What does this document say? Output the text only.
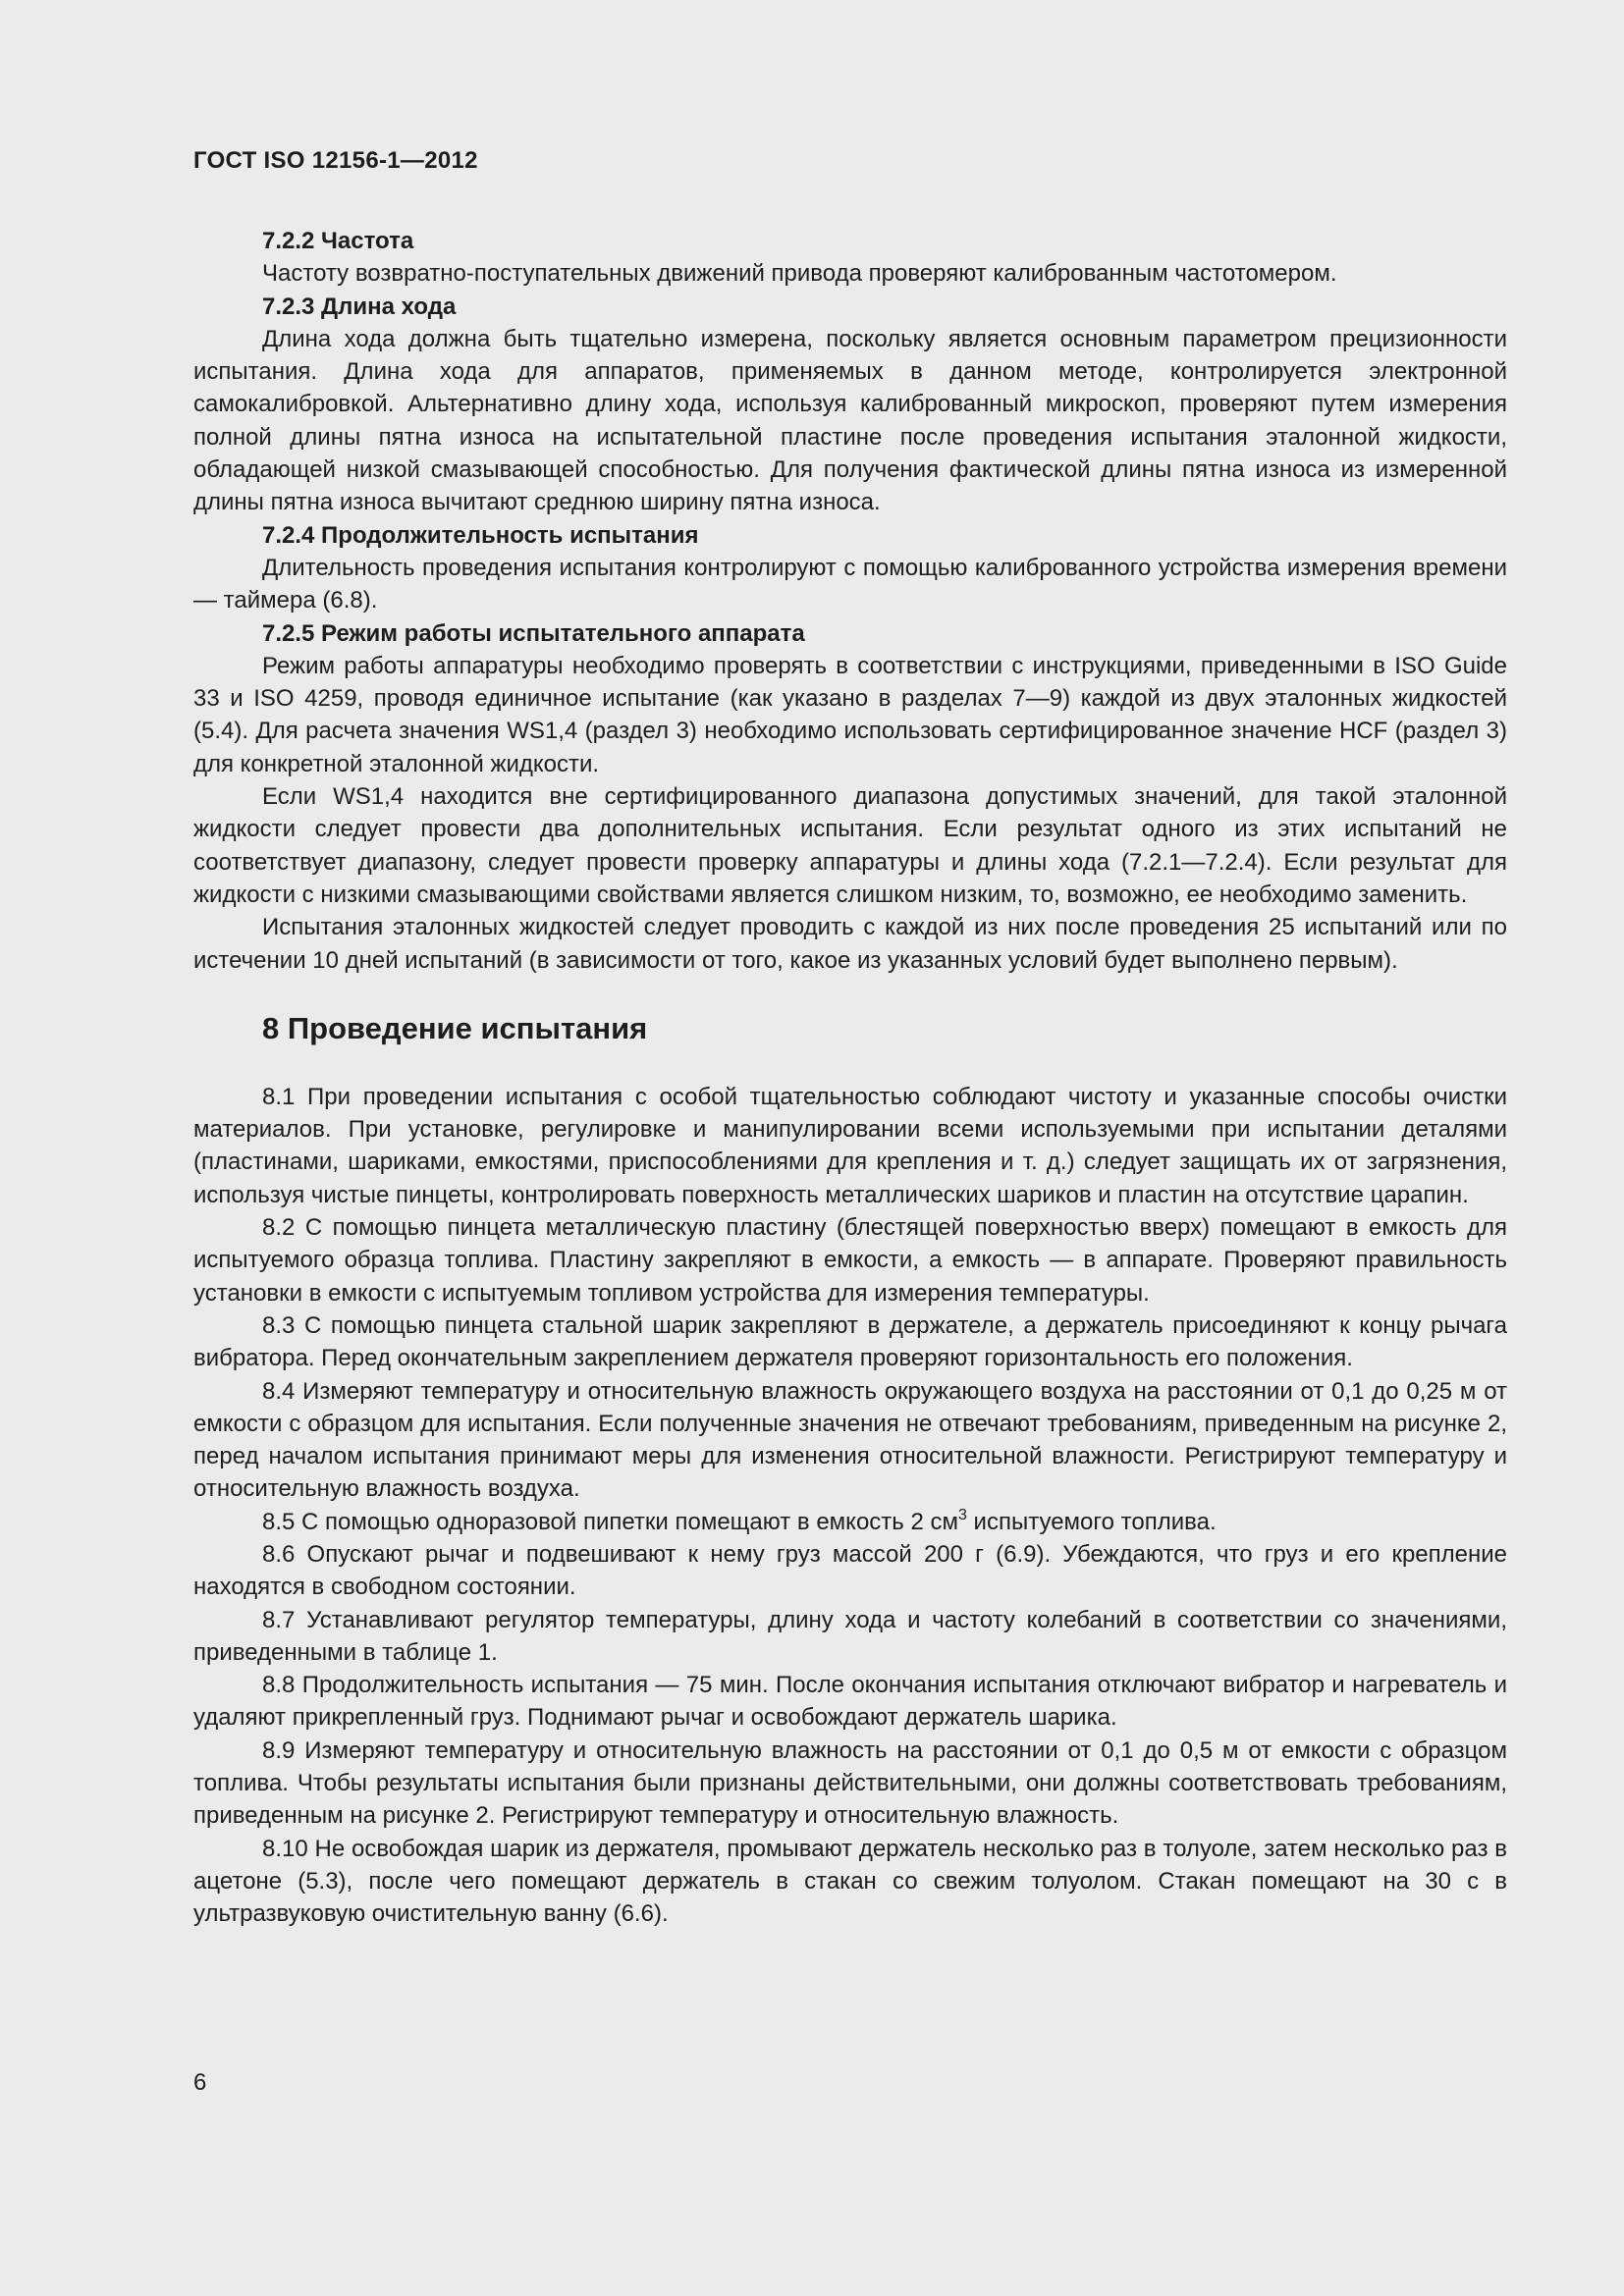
ГОСТ ISO 12156-1—2012

7.2.2 Частота

Частоту возвратно-поступательных движений привода проверяют калиброванным частотомером.

7.2.3 Длина хода

Длина хода должна быть тщательно измерена, поскольку является основным параметром прецизионности испытания. Длина хода для аппаратов, применяемых в данном методе, контролируется электронной самокалибровкой. Альтернативно длину хода, используя калиброванный микроскоп, проверяют путем измерения полной длины пятна износа на испытательной пластине после проведения испытания эталонной жидкости, обладающей низкой смазывающей способностью. Для получения фактической длины пятна износа из измеренной длины пятна износа вычитают среднюю ширину пятна износа.

7.2.4 Продолжительность испытания

Длительность проведения испытания контролируют с помощью калиброванного устройства измерения времени — таймера (6.8).

7.2.5 Режим работы испытательного аппарата

Режим работы аппаратуры необходимо проверять в соответствии с инструкциями, приведенными в ISO Guide 33 и ISO 4259, проводя единичное испытание (как указано в разделах 7—9) каждой из двух эталонных жидкостей (5.4). Для расчета значения WS1,4 (раздел 3) необходимо использовать сертифицированное значение HCF (раздел 3) для конкретной эталонной жидкости.

Если WS1,4 находится вне сертифицированного диапазона допустимых значений, для такой эталонной жидкости следует провести два дополнительных испытания. Если результат одного из этих испытаний не соответствует диапазону, следует провести проверку аппаратуры и длины хода (7.2.1—7.2.4). Если результат для жидкости с низкими смазывающими свойствами является слишком низким, то, возможно, ее необходимо заменить.

Испытания эталонных жидкостей следует проводить с каждой из них после проведения 25 испытаний или по истечении 10 дней испытаний (в зависимости от того, какое из указанных условий будет выполнено первым).

8 Проведение испытания

8.1 При проведении испытания с особой тщательностью соблюдают чистоту и указанные способы очистки материалов. При установке, регулировке и манипулировании всеми используемыми при испытании деталями (пластинами, шариками, емкостями, приспособлениями для крепления и т. д.) следует защищать их от загрязнения, используя чистые пинцеты, контролировать поверхность металлических шариков и пластин на отсутствие царапин.

8.2 С помощью пинцета металлическую пластину (блестящей поверхностью вверх) помещают в емкость для испытуемого образца топлива. Пластину закрепляют в емкости, а емкость — в аппарате. Проверяют правильность установки в емкости с испытуемым топливом устройства для измерения температуры.

8.3 С помощью пинцета стальной шарик закрепляют в держателе, а держатель присоединяют к концу рычага вибратора. Перед окончательным закреплением держателя проверяют горизонтальность его положения.

8.4 Измеряют температуру и относительную влажность окружающего воздуха на расстоянии от 0,1 до 0,25 м от емкости с образцом для испытания. Если полученные значения не отвечают требованиям, приведенным на рисунке 2, перед началом испытания принимают меры для изменения относительной влажности. Регистрируют температуру и относительную влажность воздуха.

8.5 С помощью одноразовой пипетки помещают в емкость 2 $см^3$ испытуемого топлива.

8.6 Опускают рычаг и подвешивают к нему груз массой 200 г (6.9). Убеждаются, что груз и его крепление находятся в свободном состоянии.

8.7 Устанавливают регулятор температуры, длину хода и частоту колебаний в соответствии со значениями, приведенными в таблице 1.

8.8 Продолжительность испытания — 75 мин. После окончания испытания отключают вибратор и нагреватель и удаляют прикрепленный груз. Поднимают рычаг и освобождают держатель шарика.

8.9 Измеряют температуру и относительную влажность на расстоянии от 0,1 до 0,5 м от емкости с образцом топлива. Чтобы результаты испытания были признаны действительными, они должны соответствовать требованиям, приведенным на рисунке 2. Регистрируют температуру и относительную влажность.

8.10 Не освобождая шарик из держателя, промывают держатель несколько раз в толуоле, затем несколько раз в ацетоне (5.3), после чего помещают держатель в стакан со свежим толуолом. Стакан помещают на 30 с в ультразвуковую очистительную ванну (6.6).

6
